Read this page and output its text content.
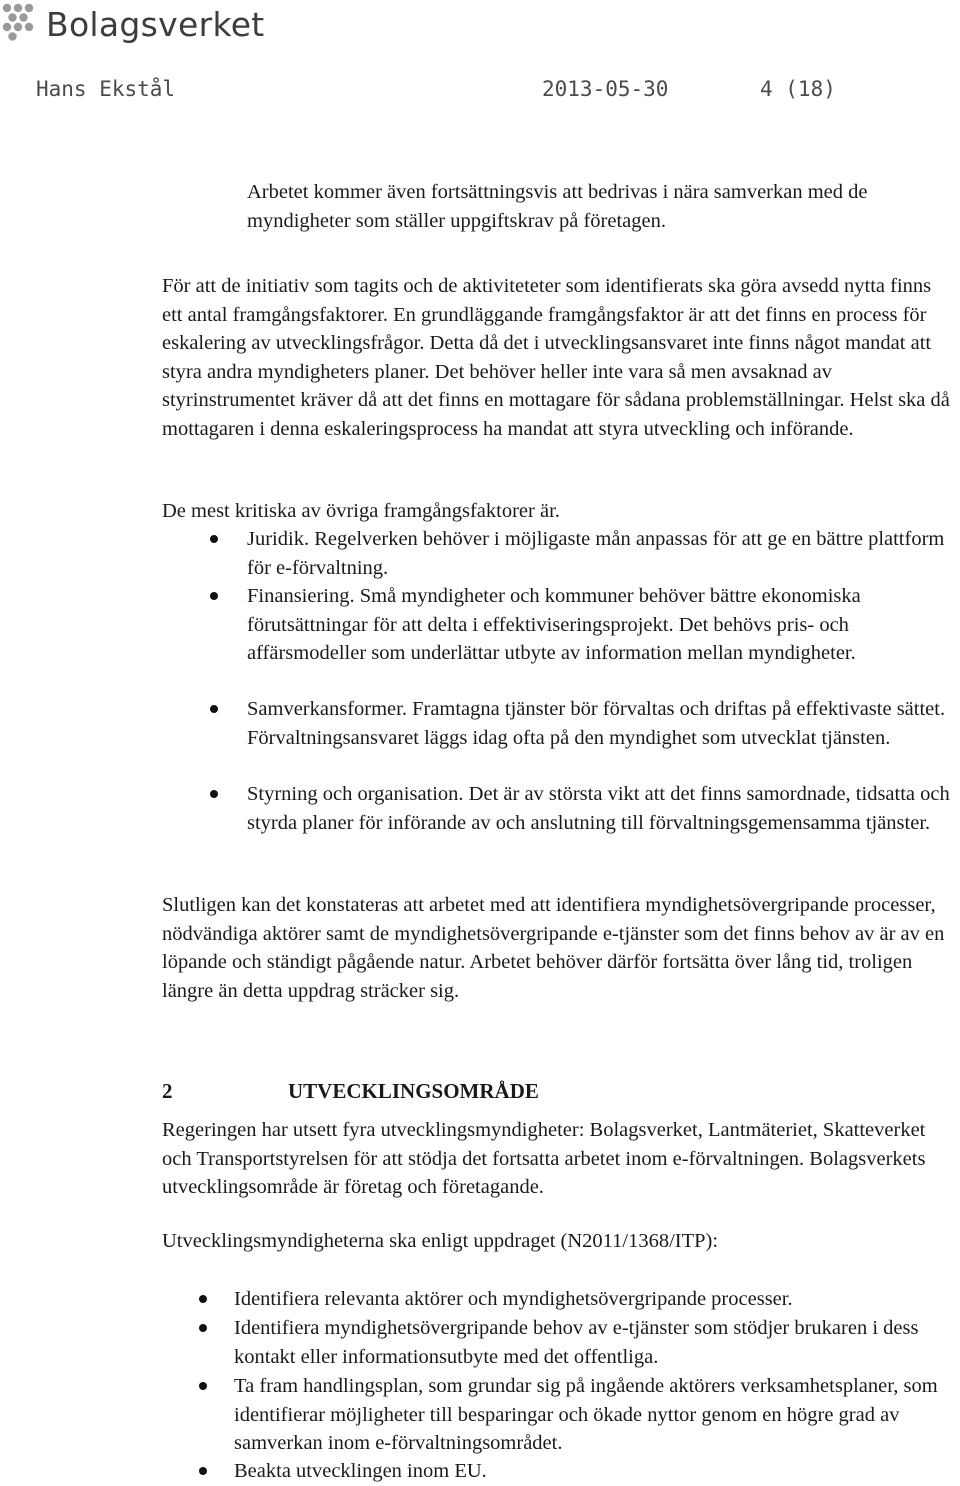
Bolagsverket

Hans Ekstål

	2013-05-30

	4 (18)

Arbetet kommer även fortsättningsvis att bedrivas i nära samverkan med de myndigheter som ställer uppgiftskrav på företagen.

För att de initiativ som tagits och de aktiviteteter som identifierats ska göra avsedd nytta finns ett antal framgångsfaktorer. En grundläggande framgångsfaktor är att det finns en process för eskalering av utvecklingsfrågor. Detta då det i utvecklingsansvaret inte finns något mandat att styra andra myndigheters planer. Det behöver heller inte vara så men avsaknad av styrinstrumentet kräver då att det finns en mottagare för sådana problemställningar. Helst ska då mottagaren i denna eskaleringsprocess ha mandat att styra utveckling och införande.

De mest kritiska av övriga framgångsfaktorer är.

Juridik. Regelverken behöver i möjligaste mån anpassas för att ge en bättre plattform för e-förvaltning.

Finansiering. Små myndigheter och kommuner behöver bättre ekonomiska förutsättningar för att delta i effektiviseringsprojekt. Det behövs pris- och affärsmodeller som underlättar utbyte av information mellan myndigheter.

Samverkansformer. Framtagna tjänster bör förvaltas och driftas på effektivaste sättet. Förvaltningsansvaret läggs idag ofta på den myndighet som utvecklat tjänsten.

Styrning och organisation. Det är av största vikt att det finns samordnade, tidsatta och styrda planer för införande av och anslutning till förvaltningsgemensamma tjänster.

Slutligen kan det konstateras att arbetet med att identifiera myndighetsövergripande processer, nödvändiga aktörer samt de myndighetsövergripande e-tjänster som det finns behov av är av en löpande och ständigt pågående natur. Arbetet behöver därför fortsätta över lång tid, troligen längre än detta uppdrag sträcker sig.

2	UTVECKLINGSOMRÅDE

Regeringen har utsett fyra utvecklingsmyndigheter: Bolagsverket, Lantmäteriet, Skatteverket och Transportstyrelsen för att stödja det fortsatta arbetet inom e-förvaltningen. Bolagsverkets utvecklingsområde är företag och företagande.

Utvecklingsmyndigheterna ska enligt uppdraget (N2011/1368/ITP):

Identifiera relevanta aktörer och myndighetsövergripande processer.

Identifiera myndighetsövergripande behov av e-tjänster som stödjer brukaren i dess kontakt eller informationsutbyte med det offentliga.

Ta fram handlingsplan, som grundar sig på ingående aktörers verksamhetsplaner, som identifierar möjligheter till besparingar och ökade nyttor genom en högre grad av samverkan inom e-förvaltningsområdet.

Beakta utvecklingen inom EU.
